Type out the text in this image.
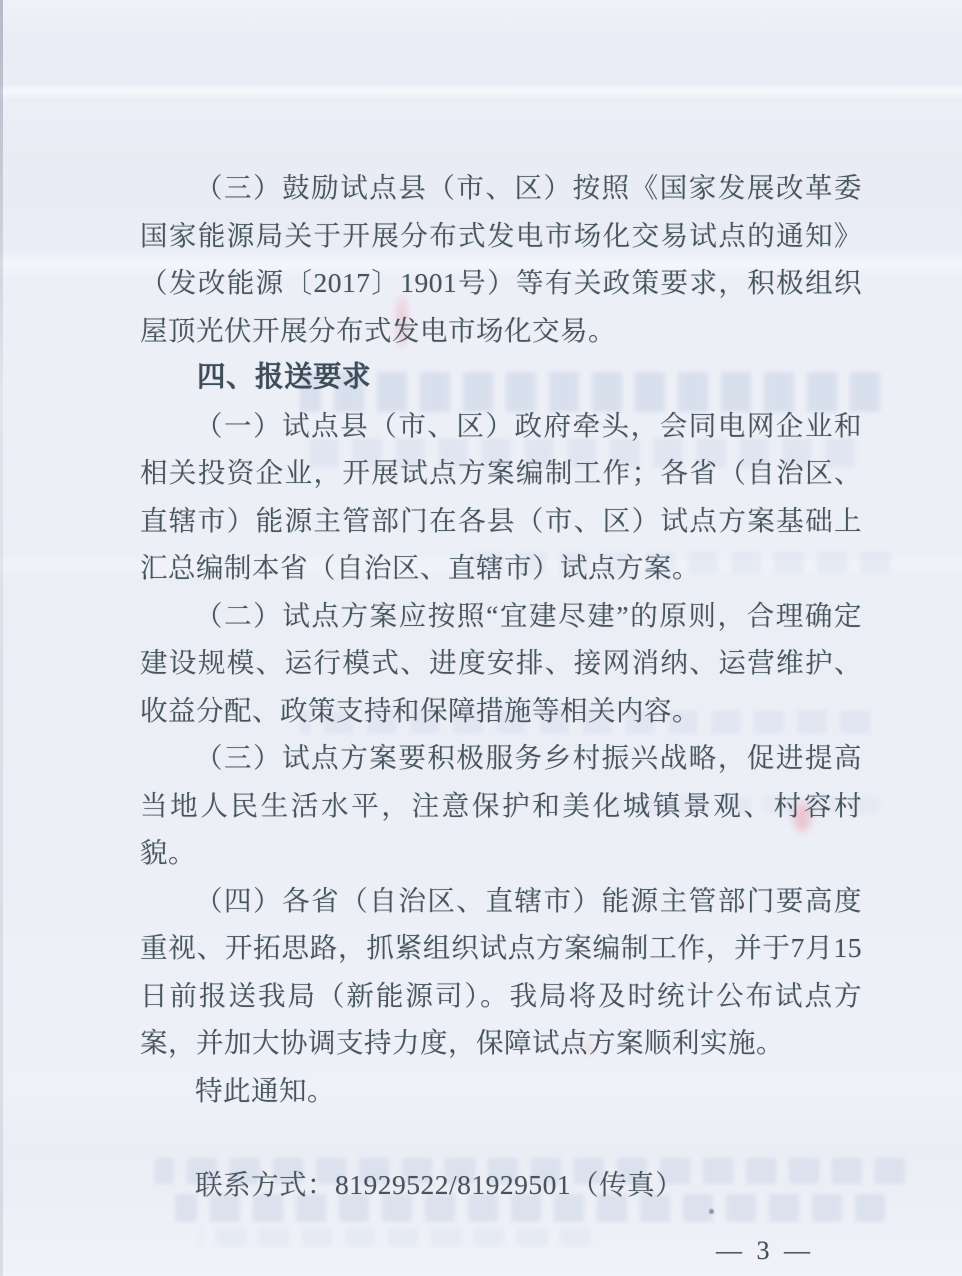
（三）鼓励试点县（市、区）按照《国家发展改革委 国家能源局关于开展分布式发电市场化交易试点的通知》（发改能源〔2017〕1901号）等有关政策要求，积极组织屋顶光伏开展分布式发电市场化交易。

四、报送要求

（一）试点县（市、区）政府牵头，会同电网企业和相关投资企业，开展试点方案编制工作；各省（自治区、直辖市）能源主管部门在各县（市、区）试点方案基础上汇总编制本省（自治区、直辖市）试点方案。

（二）试点方案应按照“宜建尽建”的原则，合理确定建设规模、运行模式、进度安排、接网消纳、运营维护、收益分配、政策支持和保障措施等相关内容。

（三）试点方案要积极服务乡村振兴战略，促进提高当地人民生活水平，注意保护和美化城镇景观、村容村貌。

（四）各省（自治区、直辖市）能源主管部门要高度重视、开拓思路，抓紧组织试点方案编制工作，并于7月15日前报送我局（新能源司）。我局将及时统计公布试点方案，并加大协调支持力度，保障试点方案顺利实施。

特此通知。

联系方式：81929522/81929501（传真）

— 3 —
